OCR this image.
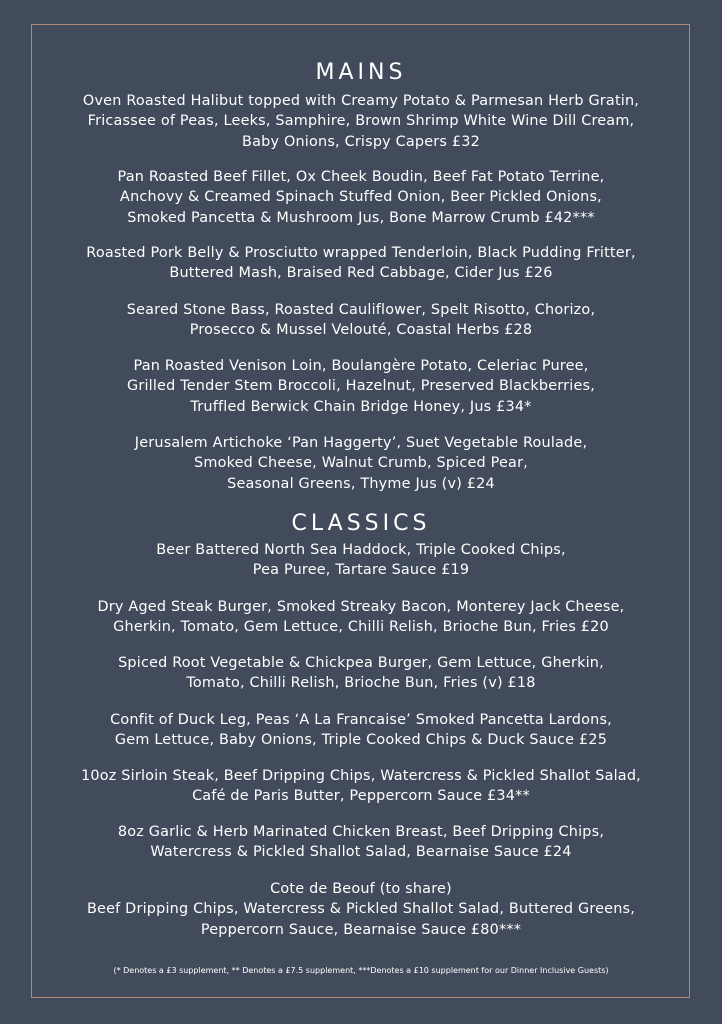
MAINS
Oven Roasted Halibut topped with Creamy Potato & Parmesan Herb Gratin,
Fricassee of Peas, Leeks, Samphire, Brown Shrimp White Wine Dill Cream,
Baby Onions, Crispy Capers £32
Pan Roasted Beef Fillet, Ox Cheek Boudin, Beef Fat Potato Terrine,
Anchovy & Creamed Spinach Stuffed Onion, Beer Pickled Onions,
Smoked Pancetta & Mushroom Jus, Bone Marrow Crumb £42***
Roasted Pork Belly & Prosciutto wrapped Tenderloin, Black Pudding Fritter,
Buttered Mash, Braised Red Cabbage, Cider Jus £26
Seared Stone Bass, Roasted Cauliflower, Spelt Risotto, Chorizo,
Prosecco & Mussel Velouté, Coastal Herbs £28
Pan Roasted Venison Loin, Boulangère Potato, Celeriac Puree,
Grilled Tender Stem Broccoli, Hazelnut, Preserved Blackberries,
Truffled Berwick Chain Bridge Honey, Jus £34*
Jerusalem Artichoke ‘Pan Haggerty’, Suet Vegetable Roulade,
Smoked Cheese, Walnut Crumb, Spiced Pear,
Seasonal Greens, Thyme Jus (v) £24
CLASSICS
Beer Battered North Sea Haddock, Triple Cooked Chips,
Pea Puree, Tartare Sauce £19
Dry Aged Steak Burger, Smoked Streaky Bacon, Monterey Jack Cheese,
Gherkin, Tomato, Gem Lettuce, Chilli Relish, Brioche Bun, Fries £20
Spiced Root Vegetable & Chickpea Burger, Gem Lettuce, Gherkin,
Tomato, Chilli Relish, Brioche Bun, Fries (v) £18
Confit of Duck Leg, Peas ‘A La Francaise’ Smoked Pancetta Lardons,
Gem Lettuce, Baby Onions, Triple Cooked Chips & Duck Sauce £25
10oz Sirloin Steak, Beef Dripping Chips, Watercress & Pickled Shallot Salad,
Café de Paris Butter, Peppercorn Sauce £34**
8oz Garlic & Herb Marinated Chicken Breast, Beef Dripping Chips,
Watercress & Pickled Shallot Salad, Bearnaise Sauce £24
Cote de Beouf (to share)
Beef Dripping Chips, Watercress & Pickled Shallot Salad, Buttered Greens,
Peppercorn Sauce, Bearnaise Sauce £80***
(* Denotes a £3 supplement, ** Denotes a £7.5 supplement, ***Denotes a £10 supplement for our Dinner Inclusive Guests)
